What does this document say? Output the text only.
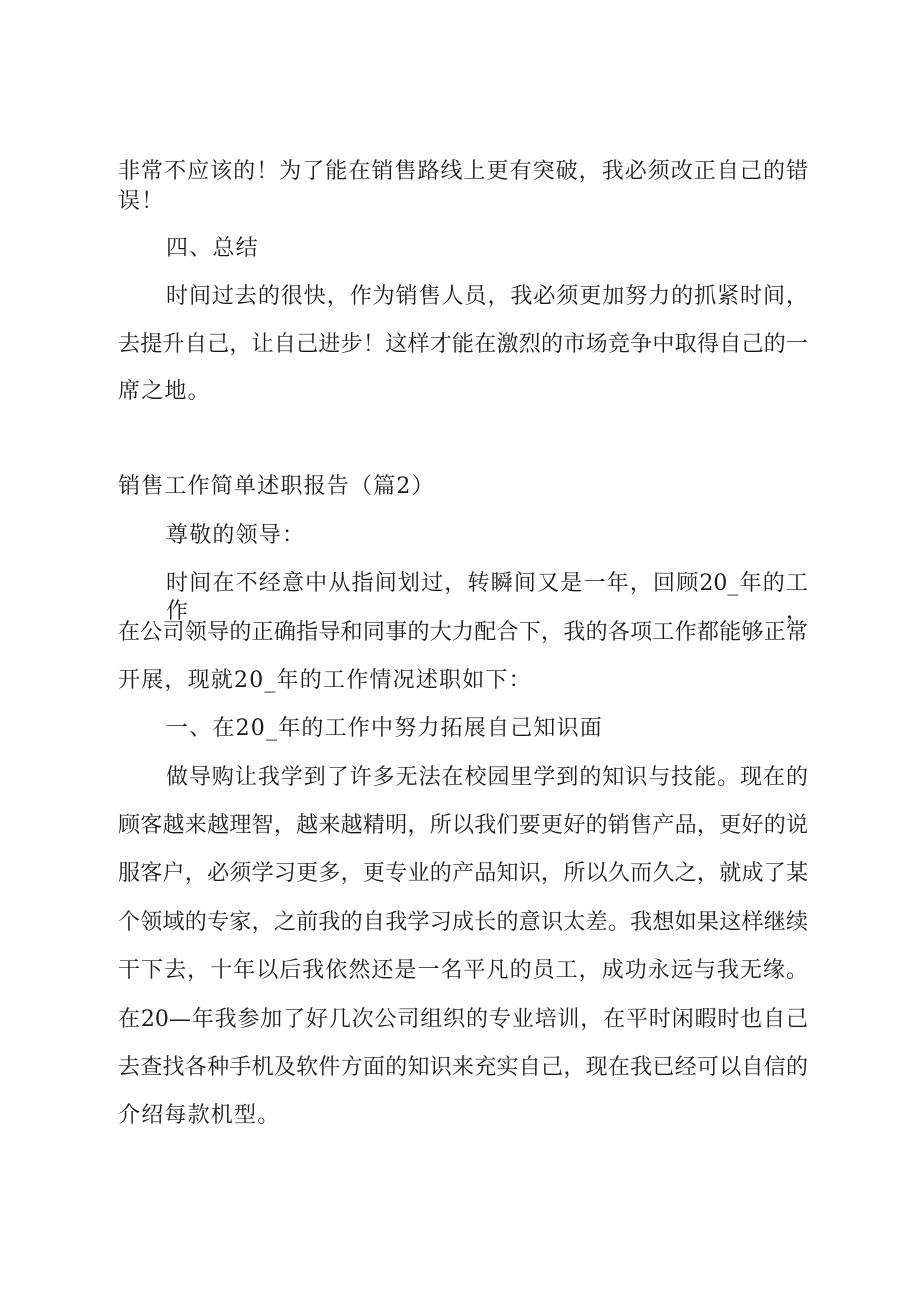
非常不应该的！为了能在销售路线上更有突破，我必须改正自己的错
误！
四、总结
时间过去的很快，作为销售人员，我必须更加努力的抓紧时间，
去提升自己，让自己进步！这样才能在激烈的市场竞争中取得自己的一
席之地。
销售工作简单述职报告（篇2）
尊敬的领导：
时间在不经意中从指间划过，转瞬间又是一年，回顾20_年的工作，
在公司领导的正确指导和同事的大力配合下，我的各项工作都能够正常
开展，现就20_年的工作情况述职如下：
一、在20_年的工作中努力拓展自己知识面
做导购让我学到了许多无法在校园里学到的知识与技能。现在的
顾客越来越理智，越来越精明，所以我们要更好的销售产品，更好的说
服客户，必须学习更多，更专业的产品知识，所以久而久之，就成了某
个领域的专家，之前我的自我学习成长的意识太差。我想如果这样继续
干下去，十年以后我依然还是一名平凡的员工，成功永远与我无缘。
在20—年我参加了好几次公司组织的专业培训，在平时闲暇时也自己
去查找各种手机及软件方面的知识来充实自己，现在我已经可以自信的
介绍每款机型。
